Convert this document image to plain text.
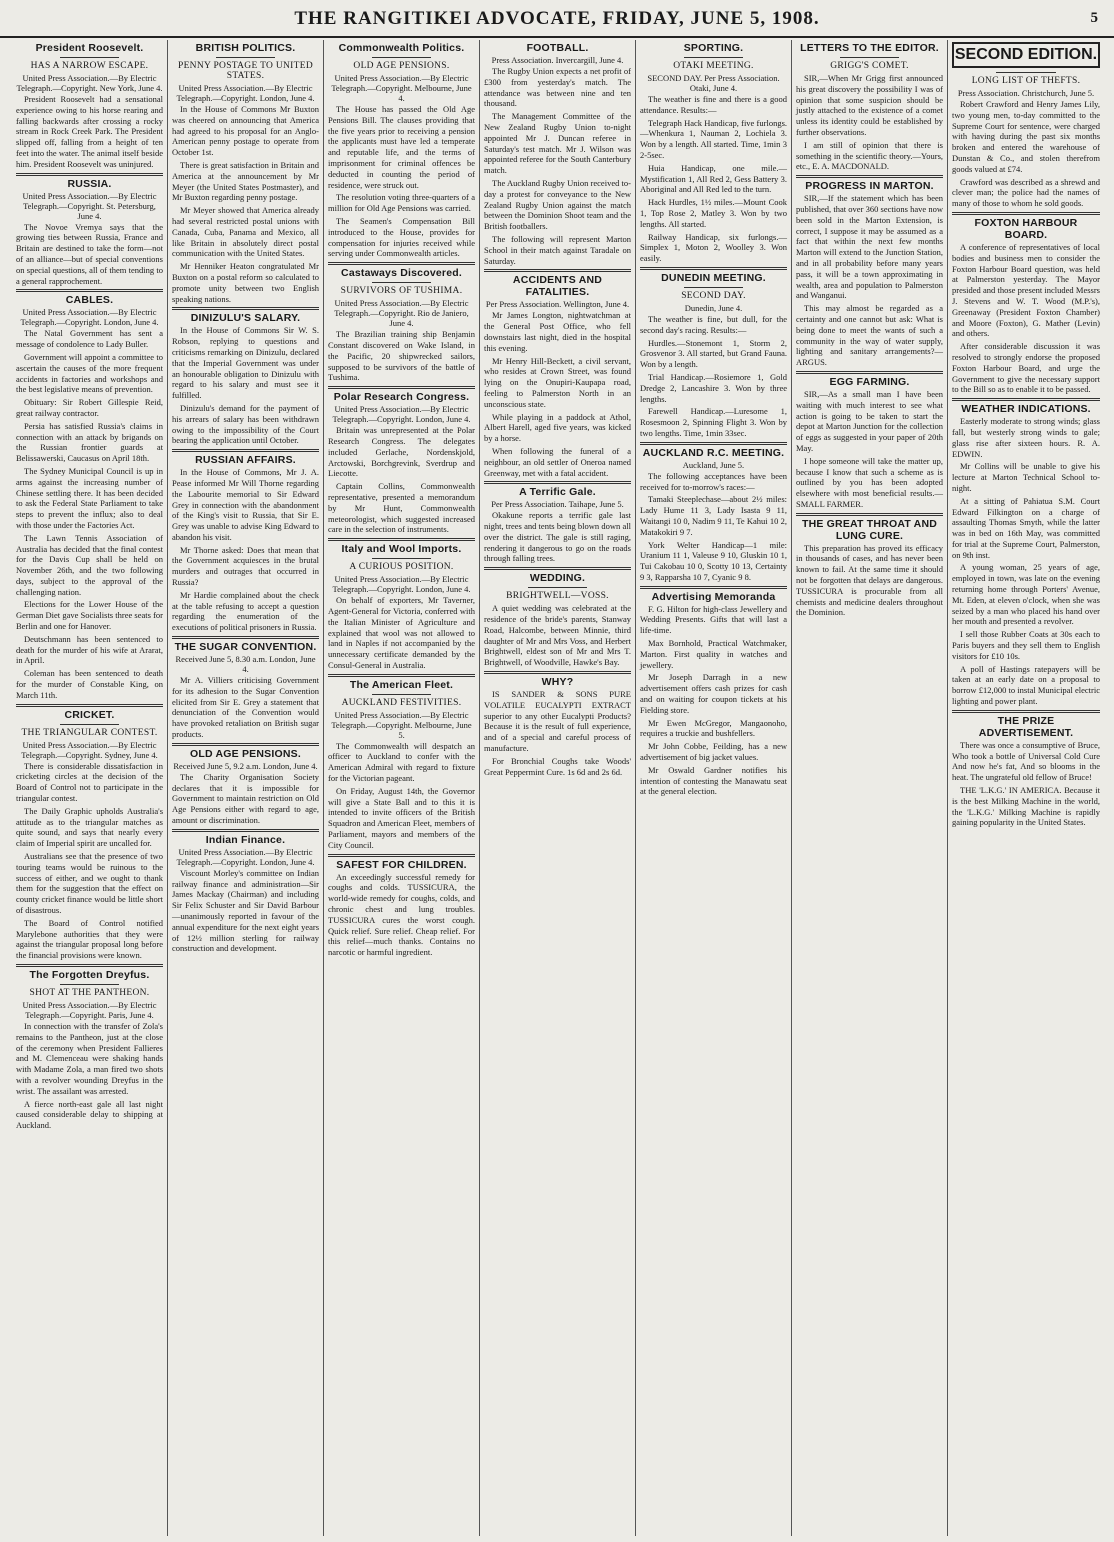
THE RANGITIKEI ADVOCATE, FRIDAY, JUNE 5, 1908.	5
President Roosevelt.
HAS A NARROW ESCAPE.

United Press Association.—By Electric Telegraph.—Copyright. New York, June 4.

President Roosevelt had a sensational experience owing to his horse rearing and falling backwards after crossing a rocky stream in Rock Creek Park. The President slipped off, falling from a height of ten feet into the water. The animal itself beside him. President Roosevelt was uninjured.

RUSSIA.

United Press Association.—By Electric Telegraph.—Copyright. St. Petersburg, June 4.

The Novoe Vremya says that the growing ties between Russia, France and Britain are destined to take the form—not of an alliance—but of special conventions on special questions, all of them tending to a general rapprochement.

CABLES.

United Press Association.—By Electric Telegraph.—Copyright. London, June 4.

The Natal Government has sent a message of condolence to Lady Buller.

Government will appoint a committee to ascertain the causes of the more frequent accidents in factories and workshops and the best legislative means of prevention.

Obituary: Sir Robert Gillespie Reid, great railway contractor.

Persia has satisfied Russia's claims in connection with an attack by brigands on the Russian frontier guards at Belissawerski, Caucasus on April 18th.

The Sydney Municipal Council is up in arms against the increasing number of Chinese settling there. It has been decided to ask the Federal State Parliament to take steps to prevent the influx; also to deal with those under the Factories Act.

The Lawn Tennis Association of Australia has decided that the final contest for the Davis Cup shall be held on November 26th, and the two following days, subject to the approval of the challenging nation.

Elections for the Lower House of the German Diet gave Socialists three seats for Berlin and one for Hanover.

Deutschmann has been sentenced to death for the murder of his wife at Ararat, in April.

Coleman has been sentenced to death for the murder of Constable King, on March 11th.

CRICKET.
THE TRIANGULAR CONTEST.

United Press Association.—By Electric Telegraph.—Copyright. Sydney, June 4.

There is considerable dissatisfaction in cricketing circles at the decision of the Board of Control not to participate in the triangular contest.

The Daily Graphic upholds Australia's attitude as to the triangular matches as quite sound, and says that nearly every claim of Imperial spirit are uncalled for.

Australians see that the presence of two touring teams would be ruinous to the success of either, and we ought to thank them for the suggestion that the effect on county cricket finance would be little short of disastrous.

The Board of Control notified Marylebone authorities that they were against the triangular proposal long before the financial provisions were known.

The Forgotten Dreyfus.
SHOT AT THE PANTHEON.

United Press Association.—By Electric Telegraph.—Copyright. Paris, June 4.

In connection with the transfer of Zola's remains to the Pantheon, just at the close of the ceremony when President Fallieres and M. Clemenceau were shaking hands with Madame Zola, a man fired two shots with a revolver wounding Dreyfus in the wrist. The assailant was arrested.

A fierce north-east gale all last night caused considerable delay to shipping at Auckland.

BRITISH POLITICS.
PENNY POSTAGE TO UNITED STATES.

United Press Association.—By Electric Telegraph.—Copyright. London, June 4.

In the House of Commons Mr Buxton was cheered on announcing that America had agreed to his proposal for an Anglo-American penny postage to operate from October 1st.

There is great satisfaction in Britain and America at the announcement by Mr Meyer (the United States Postmaster), and Mr Buxton regarding penny postage.

Mr Meyer showed that America already had several restricted postal unions with Canada, Cuba, Panama and Mexico, all like Britain in absolutely direct postal communication with the United States.

Mr Henniker Heaton congratulated Mr Buxton on a postal reform so calculated to promote unity between two English speaking nations.

DINIZULU'S SALARY.

In the House of Commons Sir W. S. Robson, replying to questions and criticisms remarking on Dinizulu, declared that the Imperial Government was under an honourable obligation to Dinizulu with regard to his salary and must see it fulfilled.

Dinizulu's demand for the payment of his arrears of salary has been withdrawn owing to the impossibility of the Court bearing the application until October.

RUSSIAN AFFAIRS.

In the House of Commons, Mr J. A. Pease informed Mr Will Thorne regarding the Labourite memorial to Sir Edward Grey in connection with the abandonment of the King's visit to Russia, that Sir E. Grey was unable to advise King Edward to abandon his visit.

Mr Thorne asked: Does that mean that the Government acquiesces in the brutal murders and outrages that occurred in Russia?

Mr Hardie complained about the check at the table refusing to accept a question regarding the enumeration of the executions of political prisoners in Russia.

THE SUGAR CONVENTION.

Received June 5, 8.30 a.m. London, June 4.

Mr A. Villiers criticising Government for its adhesion to the Sugar Convention elicited from Sir E. Grey a statement that denunciation of the Convention would have provoked retaliation on British sugar products.

OLD AGE PENSIONS.

Received June 5, 9.2 a.m. London, June 4.

The Charity Organisation Society declares that it is impossible for Government to maintain restriction on Old Age Pensions either with regard to age, amount or discrimination.

Indian Finance.

United Press Association.—By Electric Telegraph.—Copyright. London, June 4.

Viscount Morley's committee on Indian railway finance and administration—Sir James Mackay (Chairman) and including Sir Felix Schuster and Sir David Barbour—unanimously reported in favour of the annual expenditure for the next eight years of 12½ million sterling for railway construction and development.

Commonwealth Politics.
OLD AGE PENSIONS.

United Press Association.—By Electric Telegraph.—Copyright. Melbourne, June 4.

The House has passed the Old Age Pensions Bill. The clauses providing that the five years prior to receiving a pension the applicants must have led a temperate and reputable life, and the terms of imprisonment for criminal offences be deducted in counting the period of residence, were struck out.

The resolution voting three-quarters of a million for Old Age Pensions was carried.

The Seamen's Compensation Bill introduced to the House, provides for compensation for injuries received while serving under Commonwealth articles.

Castaways Discovered.
SURVIVORS OF TUSHIMA.

United Press Association.—By Electric Telegraph.—Copyright. Rio de Janiero, June 4.

The Brazilian training ship Benjamin Constant discovered on Wake Island, in the Pacific, 20 shipwrecked sailors, supposed to be survivors of the battle of Tushima.

Polar Research Congress.

United Press Association.—By Electric Telegraph.—Copyright. London, June 4.

Britain was unrepresented at the Polar Research Congress. The delegates included Gerlache, Nordenskjold, Arctowski, Borchgrevink, Sverdrup and Liecotte.

Captain Collins, Commonwealth representative, presented a memorandum by Mr Hunt, Commonwealth meteorologist, which suggested increased care in the selection of instruments.

Italy and Wool Imports.
A CURIOUS POSITION.

United Press Association.—By Electric Telegraph.—Copyright. London, June 4.

On behalf of exporters, Mr Taverner, Agent-General for Victoria, conferred with the Italian Minister of Agriculture and explained that wool was not allowed to land in Naples if not accompanied by the unnecessary certificate demanded by the Consul-General in Australia.

The American Fleet.
AUCKLAND FESTIVITIES.

United Press Association.—By Electric Telegraph.—Copyright. Melbourne, June 5.

The Commonwealth will despatch an officer to Auckland to confer with the American Admiral with regard to fixture for the Victorian pageant.

On Friday, August 14th, the Governor will give a State Ball and to this it is intended to invite officers of the British Squadron and American Fleet, members of Parliament, mayors and members of the City Council.

SAFEST FOR CHILDREN.

An exceedingly successful remedy for coughs and colds. TUSSICURA, the world-wide remedy for coughs, colds, and chronic chest and lung troubles. TUSSICURA cures the worst cough. Quick relief. Sure relief. Cheap relief. For this relief—much thanks. Contains no narcotic or harmful ingredient.

FOOTBALL.

Press Association. Invercargill, June 4.

The Rugby Union expects a net profit of £300 from yesterday's match. The attendance was between nine and ten thousand.

The Management Committee of the New Zealand Rugby Union to-night appointed Mr J. Duncan referee in Saturday's test match. Mr J. Wilson was appointed referee for the South Canterbury match.

The Auckland Rugby Union received to-day a protest for conveyance to the New Zealand Rugby Union against the match between the Dominion Shoot team and the British footballers.

The following will represent Marton School in their match against Taradale on Saturday.

ACCIDENTS AND FATALITIES.

Per Press Association. Wellington, June 4.

Mr James Longton, nightwatchman at the General Post Office, who fell downstairs last night, died in the hospital this evening.

Mr Henry Hill-Beckett, a civil servant, who resides at Crown Street, was found lying on the Onupiri-Kaupapa road, feeling to Palmerston North in an unconscious state.

While playing in a paddock at Athol, Albert Harell, aged five years, was kicked by a horse.

When following the funeral of a neighbour, an old settler of Oneroa named Greenway, met with a fatal accident.

A Terrific Gale.

Per Press Association. Taihape, June 5.

Okakune reports a terrific gale last night, trees and tents being blown down all over the district. The gale is still raging, rendering it dangerous to go on the roads through falling trees.

WEDDING.
BRIGHTWELL—VOSS.

A quiet wedding was celebrated at the residence of the bride's parents, Stanway Road, Halcombe, between Minnie, third daughter of Mr and Mrs Voss, and Herbert Brightwell, eldest son of Mr and Mrs T. Brightwell, of Woodville, Hawke's Bay.

WHY?

IS SANDER & SONS PURE VOLATILE EUCALYPTI EXTRACT superior to any other Eucalypti Products? Because it is the result of full experience, and of a special and careful process of manufacture.

For Bronchial Coughs take Woods' Great Peppermint Cure. 1s 6d and 2s 6d.

SPORTING.
OTAKI MEETING.

SECOND DAY. Per Press Association. Otaki, June 4.

The weather is fine and there is a good attendance. Results:—

Telegraph Hack Handicap, five furlongs.—Whenkura 1, Nauman 2, Lochiela 3. Won by a length. All started. Time, 1min 3 2-5sec.

Huia Handicap, one mile.—Mystification 1, All Red 2, Gess Battery 3. Aboriginal and All Red led to the turn.

Hack Hurdles, 1½ miles.—Mount Cook 1, Top Rose 2, Matley 3. Won by two lengths. All started.

Railway Handicap, six furlongs.—Simplex 1, Moton 2, Woolley 3. Won easily.

DUNEDIN MEETING.
SECOND DAY.

Dunedin, June 4.

The weather is fine, but dull, for the second day's racing. Results:—

Hurdles.—Stonemont 1, Storm 2, Grosvenor 3. All started, but Grand Fauna. Won by a length.

Trial Handicap.—Rosiemore 1, Gold Dredge 2, Lancashire 3. Won by three lengths.

Farewell Handicap.—Luresome 1, Rosesmoon 2, Spinning Flight 3. Won by two lengths. Time, 1min 33sec.

AUCKLAND R.C. MEETING.

Auckland, June 5.

The following acceptances have been received for to-morrow's races:—

Tamaki Steeplechase—about 2½ miles: Lady Hume 11 3, Lady Isasta 9 11, Waitangi 10 0, Nadim 9 11, Te Kahui 10 2, Matakokiri 9 7.

York Welter Handicap—1 mile: Uranium 11 1, Valeuse 9 10, Gluskin 10 1, Tui Cakobau 10 0, Scotty 10 13, Certainty 9 3, Rapparsha 10 7, Cyanic 9 8.

Advertising Memoranda

F. G. Hilton for high-class Jewellery and Wedding Presents. Gifts that will last a life-time.

Max Bornhold, Practical Watchmaker, Marton. First quality in watches and jewellery.

Mr Joseph Darragh in a new advertisement offers cash prizes for cash and on waiting for coupon tickets at his Fielding store.

Mr Ewen McGregor, Mangaonoho, requires a truckie and bushfellers.

Mr John Cobbe, Feilding, has a new advertisement of big jacket values.

Mr Oswald Gardner notifies his intention of contesting the Manawatu seat at the general election.

LETTERS TO THE EDITOR.
GRIGG'S COMET.

SIR,—When Mr Grigg first announced his great discovery the possibility I was of opinion that some suspicion should be justly attached to the existence of a comet unless its identity could be established by further observations.

I am still of opinion that there is something in the scientific theory.—Yours, etc., E. A. MACDONALD.

PROGRESS IN MARTON.

SIR,—If the statement which has been published, that over 360 sections have now been sold in the Marton Extension, is correct, I suppose it may be assumed as a fact that within the next few months Marton will extend to the Junction Station, and in all probability before many years pass, it will be a town approximating in wealth, area and population to Palmerston and Wanganui.

This may almost be regarded as a certainty and one cannot but ask: What is being done to meet the wants of such a community in the way of water supply, lighting and sanitary arrangements?—ARGUS.

EGG FARMING.

SIR,—As a small man I have been waiting with much interest to see what action is going to be taken to start the depot at Marton Junction for the collection of eggs as suggested in your paper of 20th May.

I hope someone will take the matter up, because I know that such a scheme as is outlined by you has been adopted elsewhere with most beneficial results.—SMALL FARMER.

THE GREAT THROAT AND LUNG CURE.

This preparation has proved its efficacy in thousands of cases, and has never been known to fail. At the same time it should not be forgotten that delays are dangerous. TUSSICURA is procurable from all chemists and medicine dealers throughout the Dominion.

SECOND EDITION.
LONG LIST OF THEFTS.

Press Association. Christchurch, June 5.

Robert Crawford and Henry James Lily, two young men, to-day committed to the Supreme Court for sentence, were charged with having during the past six months broken and entered the warehouse of Dunstan & Co., and stolen therefrom goods valued at £74.

Crawford was described as a shrewd and clever man; the police had the names of many of those to whom he sold goods.

FOXTON HARBOUR BOARD.

A conference of representatives of local bodies and business men to consider the Foxton Harbour Board question, was held at Palmerston yesterday. The Mayor presided and those present included Messrs J. Stevens and W. T. Wood (M.P.'s), Greenaway (President Foxton Chamber) and Moore (Foxton), G. Mather (Levin) and others.

After considerable discussion it was resolved to strongly endorse the proposed Foxton Harbour Board, and urge the Government to give the necessary support to the Bill so as to enable it to be passed.

WEATHER INDICATIONS.

Easterly moderate to strong winds; glass fall, but westerly strong winds to gale; glass rise after sixteen hours. R. A. EDWIN.

Mr Collins will be unable to give his lecture at Marton Technical School to-night.

At a sitting of Pahiatua S.M. Court Edward Filkington on a charge of assaulting Thomas Smyth, while the latter was in bed on 16th May, was committed for trial at the Supreme Court, Palmerston, on 9th inst.

A young woman, 25 years of age, employed in town, was late on the evening returning home through Porters' Avenue, Mt. Eden, at eleven o'clock, when she was seized by a man who placed his hand over her mouth and presented a revolver.

I sell those Rubber Coats at 30s each to Paris buyers and they sell them to English visitors for £10 10s.

A poll of Hastings ratepayers will be taken at an early date on a proposal to borrow £12,000 to instal Municipal electric lighting and power plant.

THE PRIZE ADVERTISEMENT.

There was once a consumptive of Bruce, Who took a bottle of Universal Cold Cure And now he's fat, And so blooms in the heat. The ungrateful old fellow of Bruce!

THE 'L.K.G.' IN AMERICA. Because it is the best Milking Machine in the world, the 'L.K.G.' Milking Machine is rapidly gaining popularity in the United States.
